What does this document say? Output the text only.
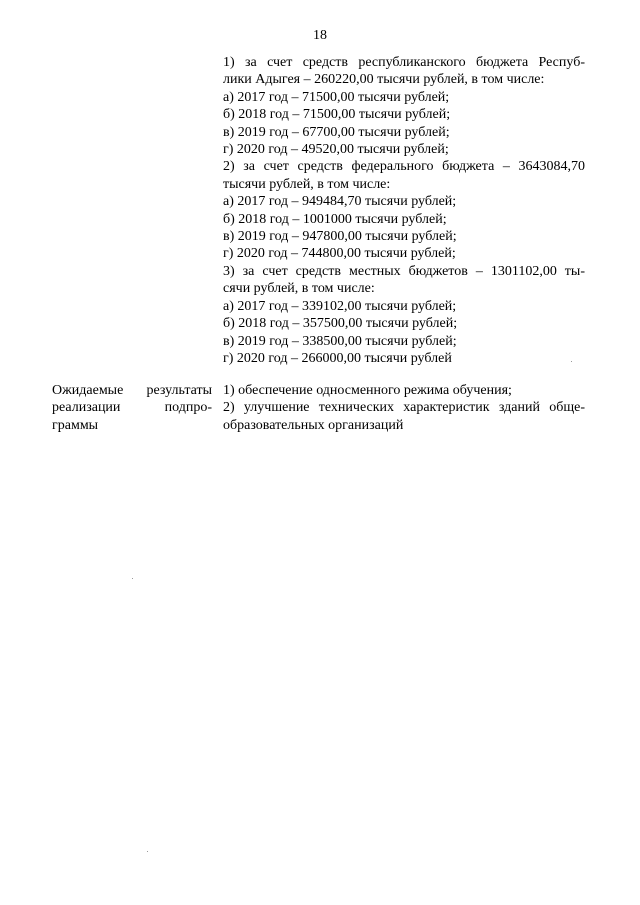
18
1) за счет средств республиканского бюджета Респуб-
лики Адыгея – 260220,00 тысячи рублей, в том числе:
а) 2017 год – 71500,00 тысячи рублей;
б) 2018 год – 71500,00 тысячи рублей;
в) 2019 год – 67700,00 тысячи рублей;
г) 2020 год – 49520,00 тысячи рублей;
2) за счет средств федерального бюджета – 3643084,70
тысячи рублей, в том числе:
а) 2017 год – 949484,70 тысячи рублей;
б) 2018 год – 1001000 тысячи рублей;
в) 2019 год – 947800,00 тысячи рублей;
г) 2020 год – 744800,00 тысячи рублей;
3) за счет средств местных бюджетов – 1301102,00 ты-
сячи рублей, в том числе:
а) 2017 год – 339102,00 тысячи рублей;
б) 2018 год – 357500,00 тысячи рублей;
в) 2019 год – 338500,00 тысячи рублей;
г) 2020 год – 266000,00 тысячи рублей
Ожидаемые результаты
реализации подпро-
граммы
1) обеспечение односменного режима обучения;
2) улучшение технических характеристик зданий обще-
образовательных организаций
